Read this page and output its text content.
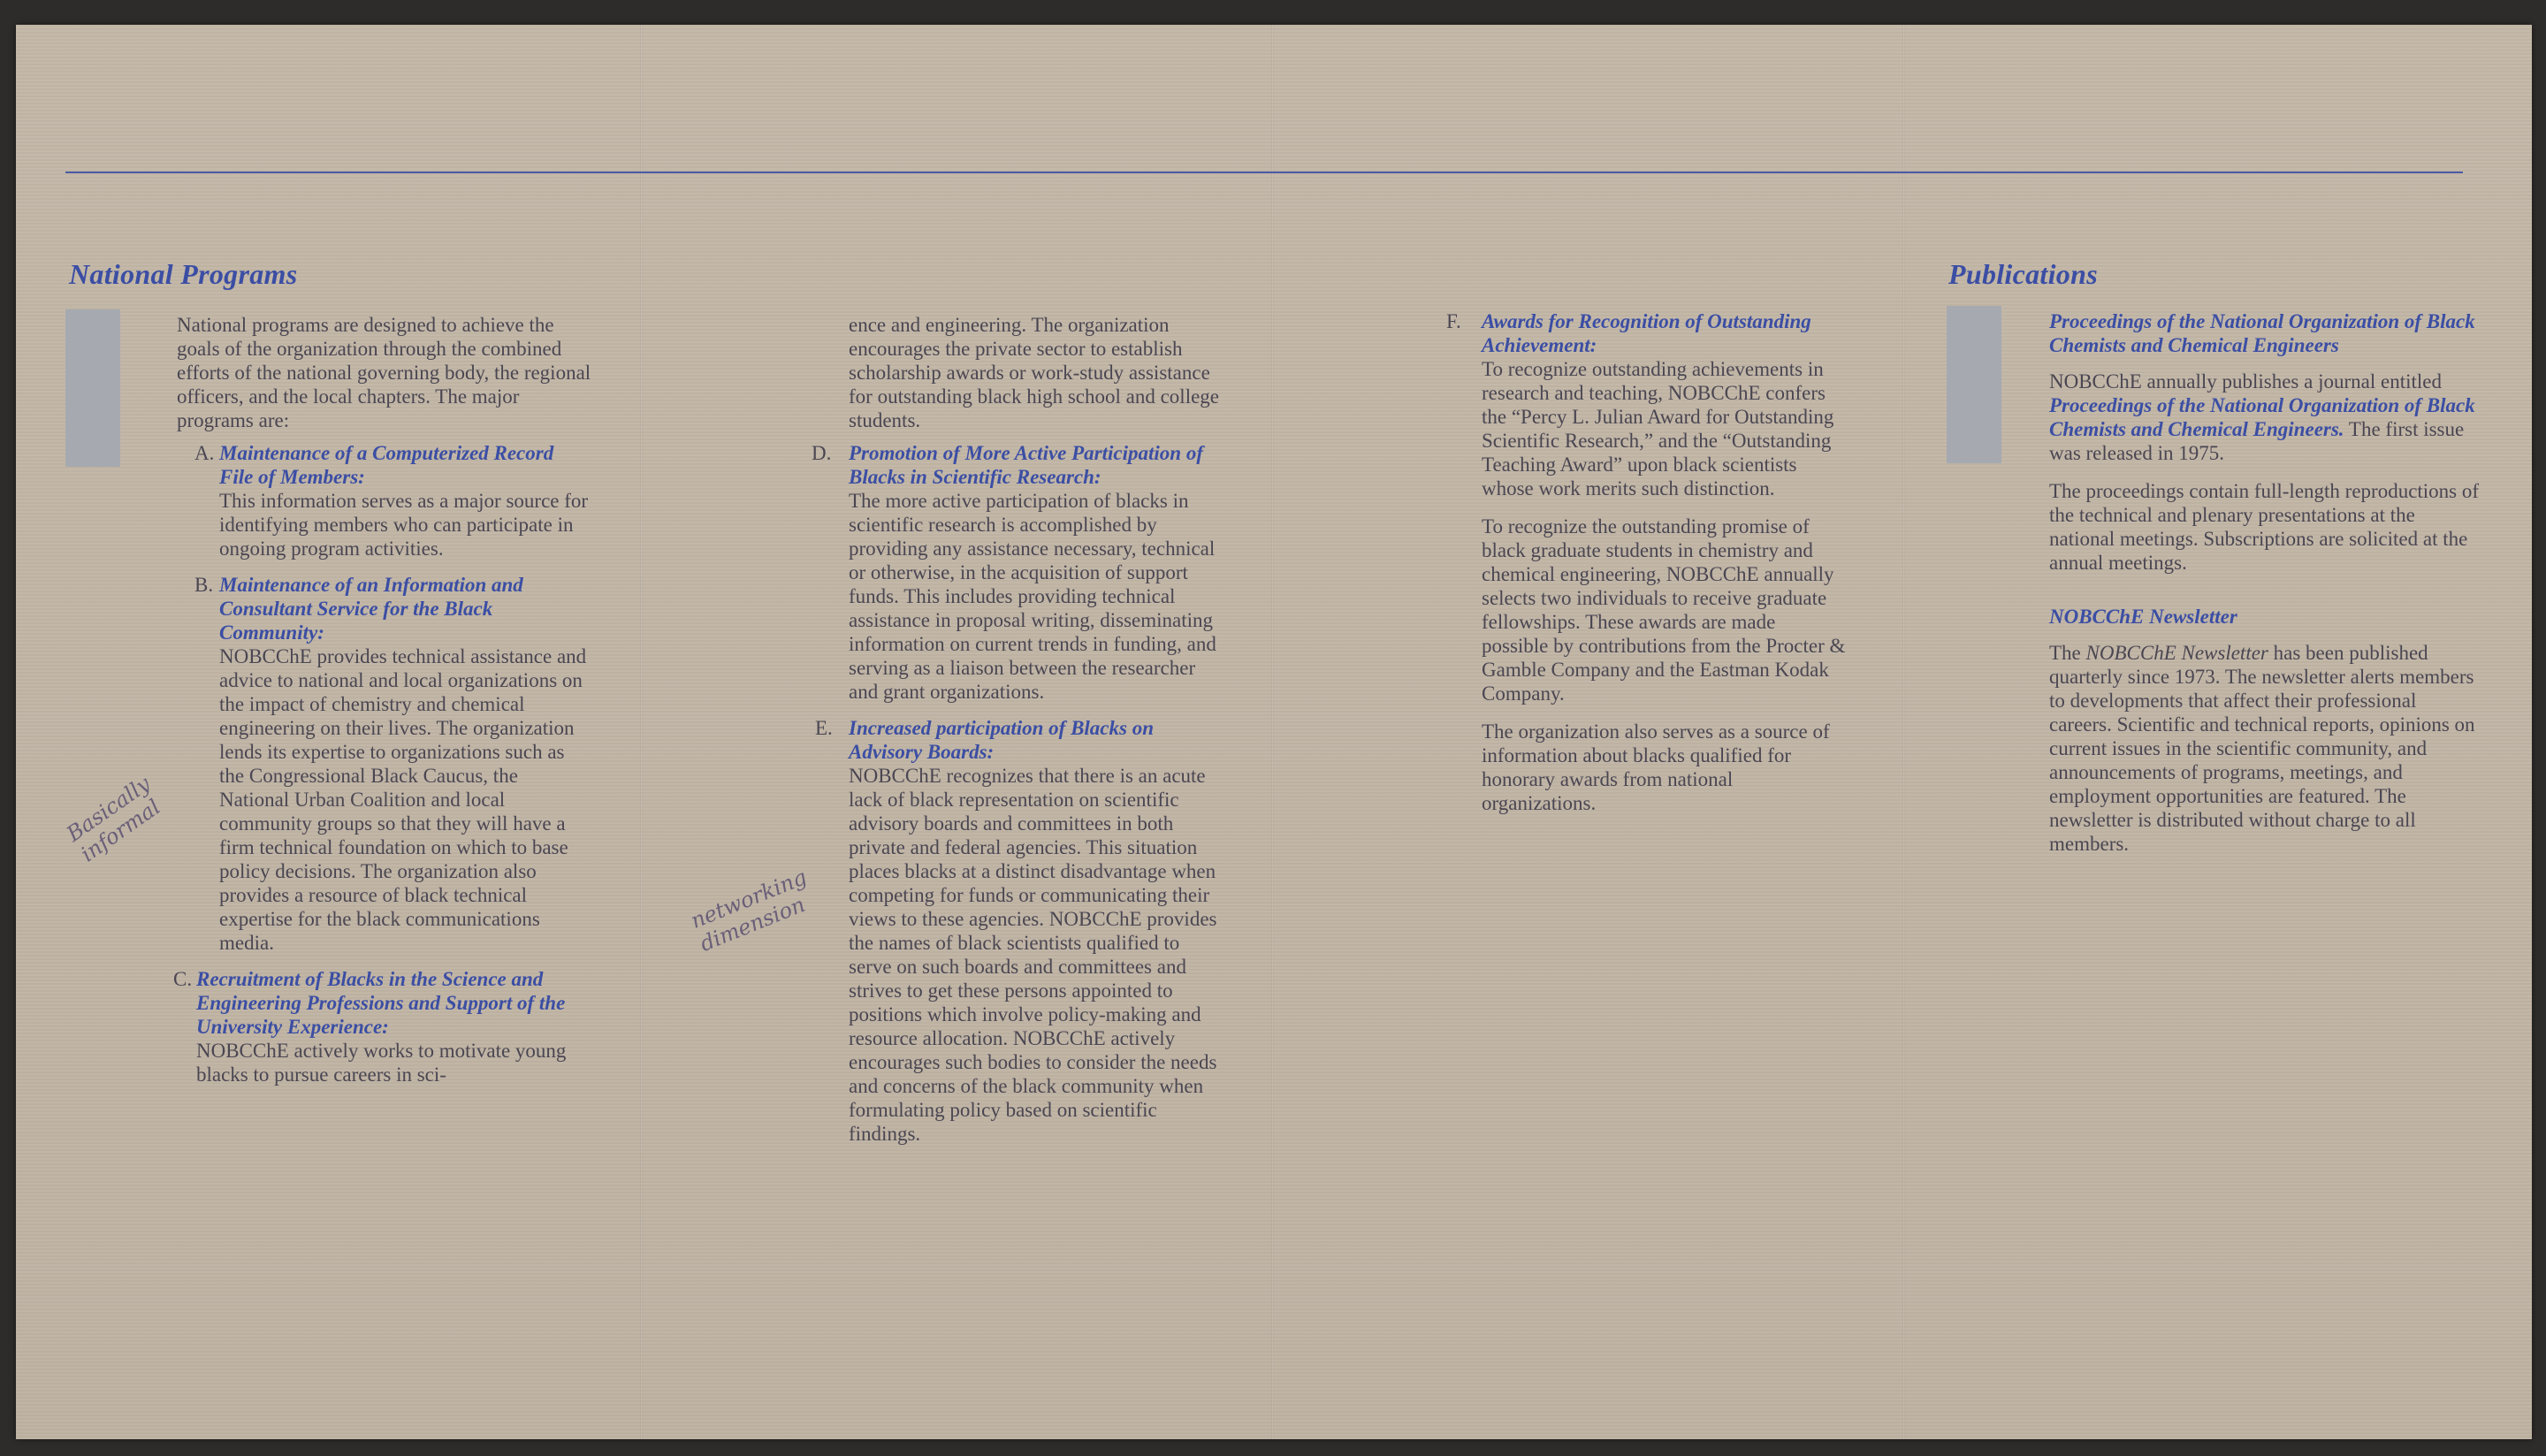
National Programs

National programs are designed to achieve the goals of the organization through the combined efforts of the national governing body, the regional officers, and the local chapters. The major programs are:

A. Maintenance of a Computerized Record File of Members:
This information serves as a major source for identifying members who can participate in ongoing program activities.
B. Maintenance of an Information and Consultant Service for the Black Community:
NOBCChE provides technical assistance and advice to national and local organizations on the impact of chemistry and chemical engineering on their lives. The organization lends its expertise to organizations such as the Congressional Black Caucus, the National Urban Coalition and local community groups so that they will have a firm technical foundation on which to base policy decisions. The organization also provides a resource of black technical expertise for the black communications media.
C. Recruitment of Blacks in the Science and Engineering Professions and Support of the University Experience:
NOBCChE actively works to motivate young blacks to pursue careers in sci-
Basically informal

ence and engineering. The organization encourages the private sector to establish scholarship awards or work-study assistance for outstanding black high school and college students.

D. Promotion of More Active Participation of Blacks in Scientific Research:
The more active participation of blacks in scientific research is accomplished by providing any assistance necessary, technical or otherwise, in the acquisition of support funds. This includes providing technical assistance in proposal writing, disseminating information on current trends in funding, and serving as a liaison between the researcher and grant organizations.
E. Increased participation of Blacks on Advisory Boards:
NOBCChE recognizes that there is an acute lack of black representation on scientific advisory boards and committees in both private and federal agencies. This situation places blacks at a distinct disadvantage when competing for funds or communicating their views to these agencies. NOBCChE provides the names of black scientists qualified to serve on such boards and committees and strives to get these persons appointed to positions which involve policy-making and resource allocation. NOBCChE actively encourages such bodies to consider the needs and concerns of the black community when formulating policy based on scientific findings.
networking dimension
F. Awards for Recognition of Outstanding Achievement:
To recognize outstanding achievements in research and teaching, NOBCChE confers the “Percy L. Julian Award for Outstanding Scientific Research,” and the “Outstanding Teaching Award” upon black scientists whose work merits such distinction.

To recognize the outstanding promise of black graduate students in chemistry and chemical engineering, NOBCChE annually selects two individuals to receive graduate fellowships. These awards are made possible by contributions from the Procter & Gamble Company and the Eastman Kodak Company.

The organization also serves as a source of information about blacks qualified for honorary awards from national organizations.

Publications
Proceedings of the National Organization of Black Chemists and Chemical Engineers

NOBCChE annually publishes a journal entitled Proceedings of the National Organization of Black Chemists and Chemical Engineers. The first issue was released in 1975.

The proceedings contain full-length reproductions of the technical and plenary presentations at the national meetings. Subscriptions are solicited at the annual meetings.

NOBCChE Newsletter

The NOBCChE Newsletter has been published quarterly since 1973. The newsletter alerts members to developments that affect their professional careers. Scientific and technical reports, opinions on current issues in the scientific community, and announcements of programs, meetings, and employment opportunities are featured. The newsletter is distributed without charge to all members.
